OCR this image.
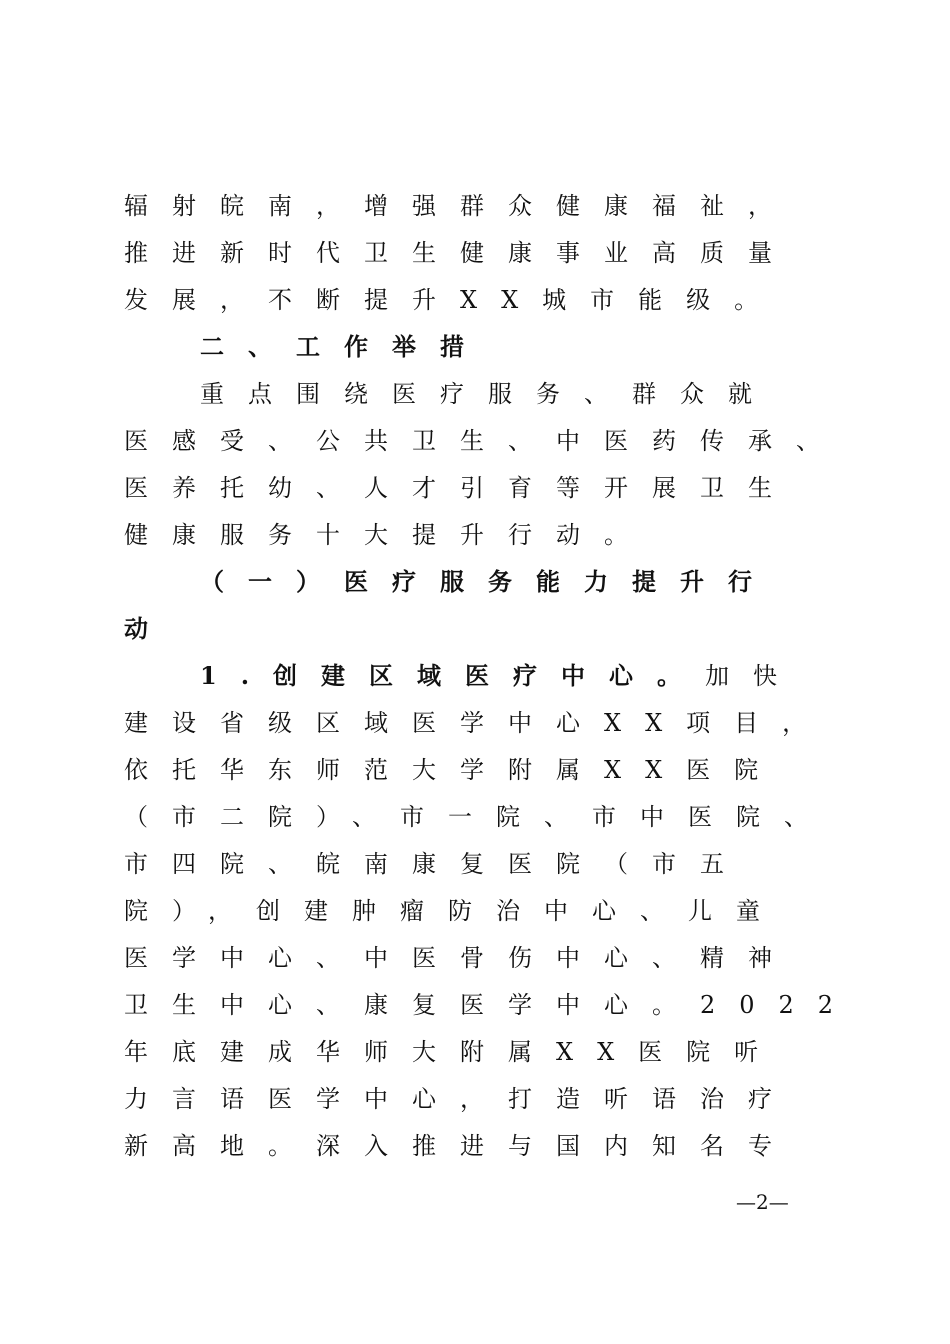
辐射皖南，增强群众健康福祉，
推进新时代卫生健康事业高质量
发展，不断提升XX城市能级。
二、工作举措
重点围绕医疗服务、群众就
医感受、公共卫生、中医药传承、
医养托幼、人才引育等开展卫生
健康服务十大提升行动。
（一）医疗服务能力提升行
动
1.创建区域医疗中心。加快
建设省级区域医学中心XX项目，
依托华东师范大学附属XX医院
（市二院）、市一院、市中医院、
市四院、皖南康复医院（市五
院），创建肿瘤防治中心、儿童
医学中心、中医骨伤中心、精神
卫生中心、康复医学中心。2022
年底建成华师大附属XX医院听
力言语医学中心，打造听语治疗
新高地。深入推进与国内知名专
—2—
